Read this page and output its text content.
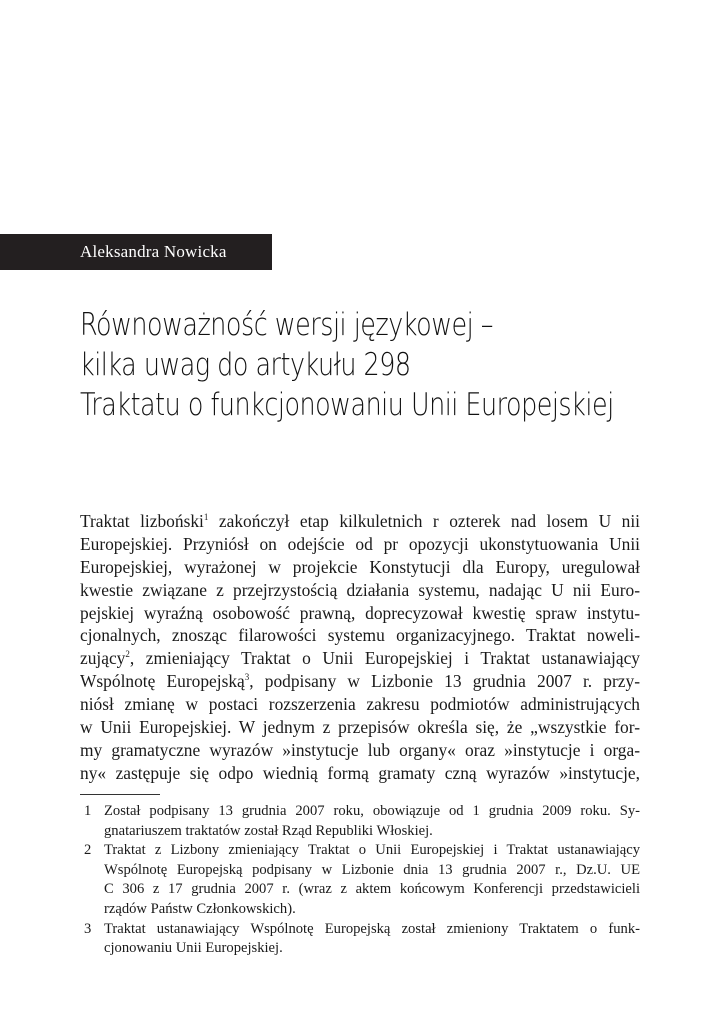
Aleksandra Nowicka
Równoważność wersji językowej –
kilka uwag do artykułu 298
Traktatu o funkcjonowaniu Unii Europejskiej
Traktat lizboński$^1$ zakończył etap kilkuletnich r ozterek nad losem U nii
Europejskiej. Przyniósł on odejście od pr opozycji ukonstytuowania Unii
Europejskiej, wyrażonej w projekcie Konstytucji dla Europy, uregulował
kwestie związane z przejrzystością działania systemu, nadając U nii Euro-
pejskiej wyraźną osobowość prawną, doprecyzował kwestię spraw instytu-
cjonalnych, znosząc filarowości systemu organizacyjnego. Traktat noweli-
zujący$^2$, zmieniający Traktat o Unii Europejskiej i Traktat ustanawiający
Wspólnotę Europejską$^3$, podpisany w Lizbonie 13 grudnia 2007 r. przy-
niósł zmianę w postaci rozszerzenia zakresu podmiotów administrujących
w Unii Europejskiej. W jednym z przepisów określa się, że „wszystkie for-
my gramatyczne wyrazów »instytucje lub organy« oraz »instytucje i orga-
ny« zastępuje się odpo wiednią formą gramaty czną wyrazów »instytucje,
1 Został podpisany 13 grudnia 2007 roku, obowiązuje od 1 grudnia 2009 roku. Sy-
gnatariuszem traktatów został Rząd Republiki Włoskiej.
2 Traktat z Lizbony zmieniający Traktat o Unii Europejskiej i Traktat ustanawiający
Wspólnotę Europejską podpisany w Lizbonie dnia 13 grudnia 2007 r., Dz.U. UE
C 306 z 17 grudnia 2007 r. (wraz z aktem końcowym Konferencji przedstawicieli
rządów Państw Członkowskich).
3 Traktat ustanawiający Wspólnotę Europejską został zmieniony Traktatem o funk-
cjonowaniu Unii Europejskiej.
